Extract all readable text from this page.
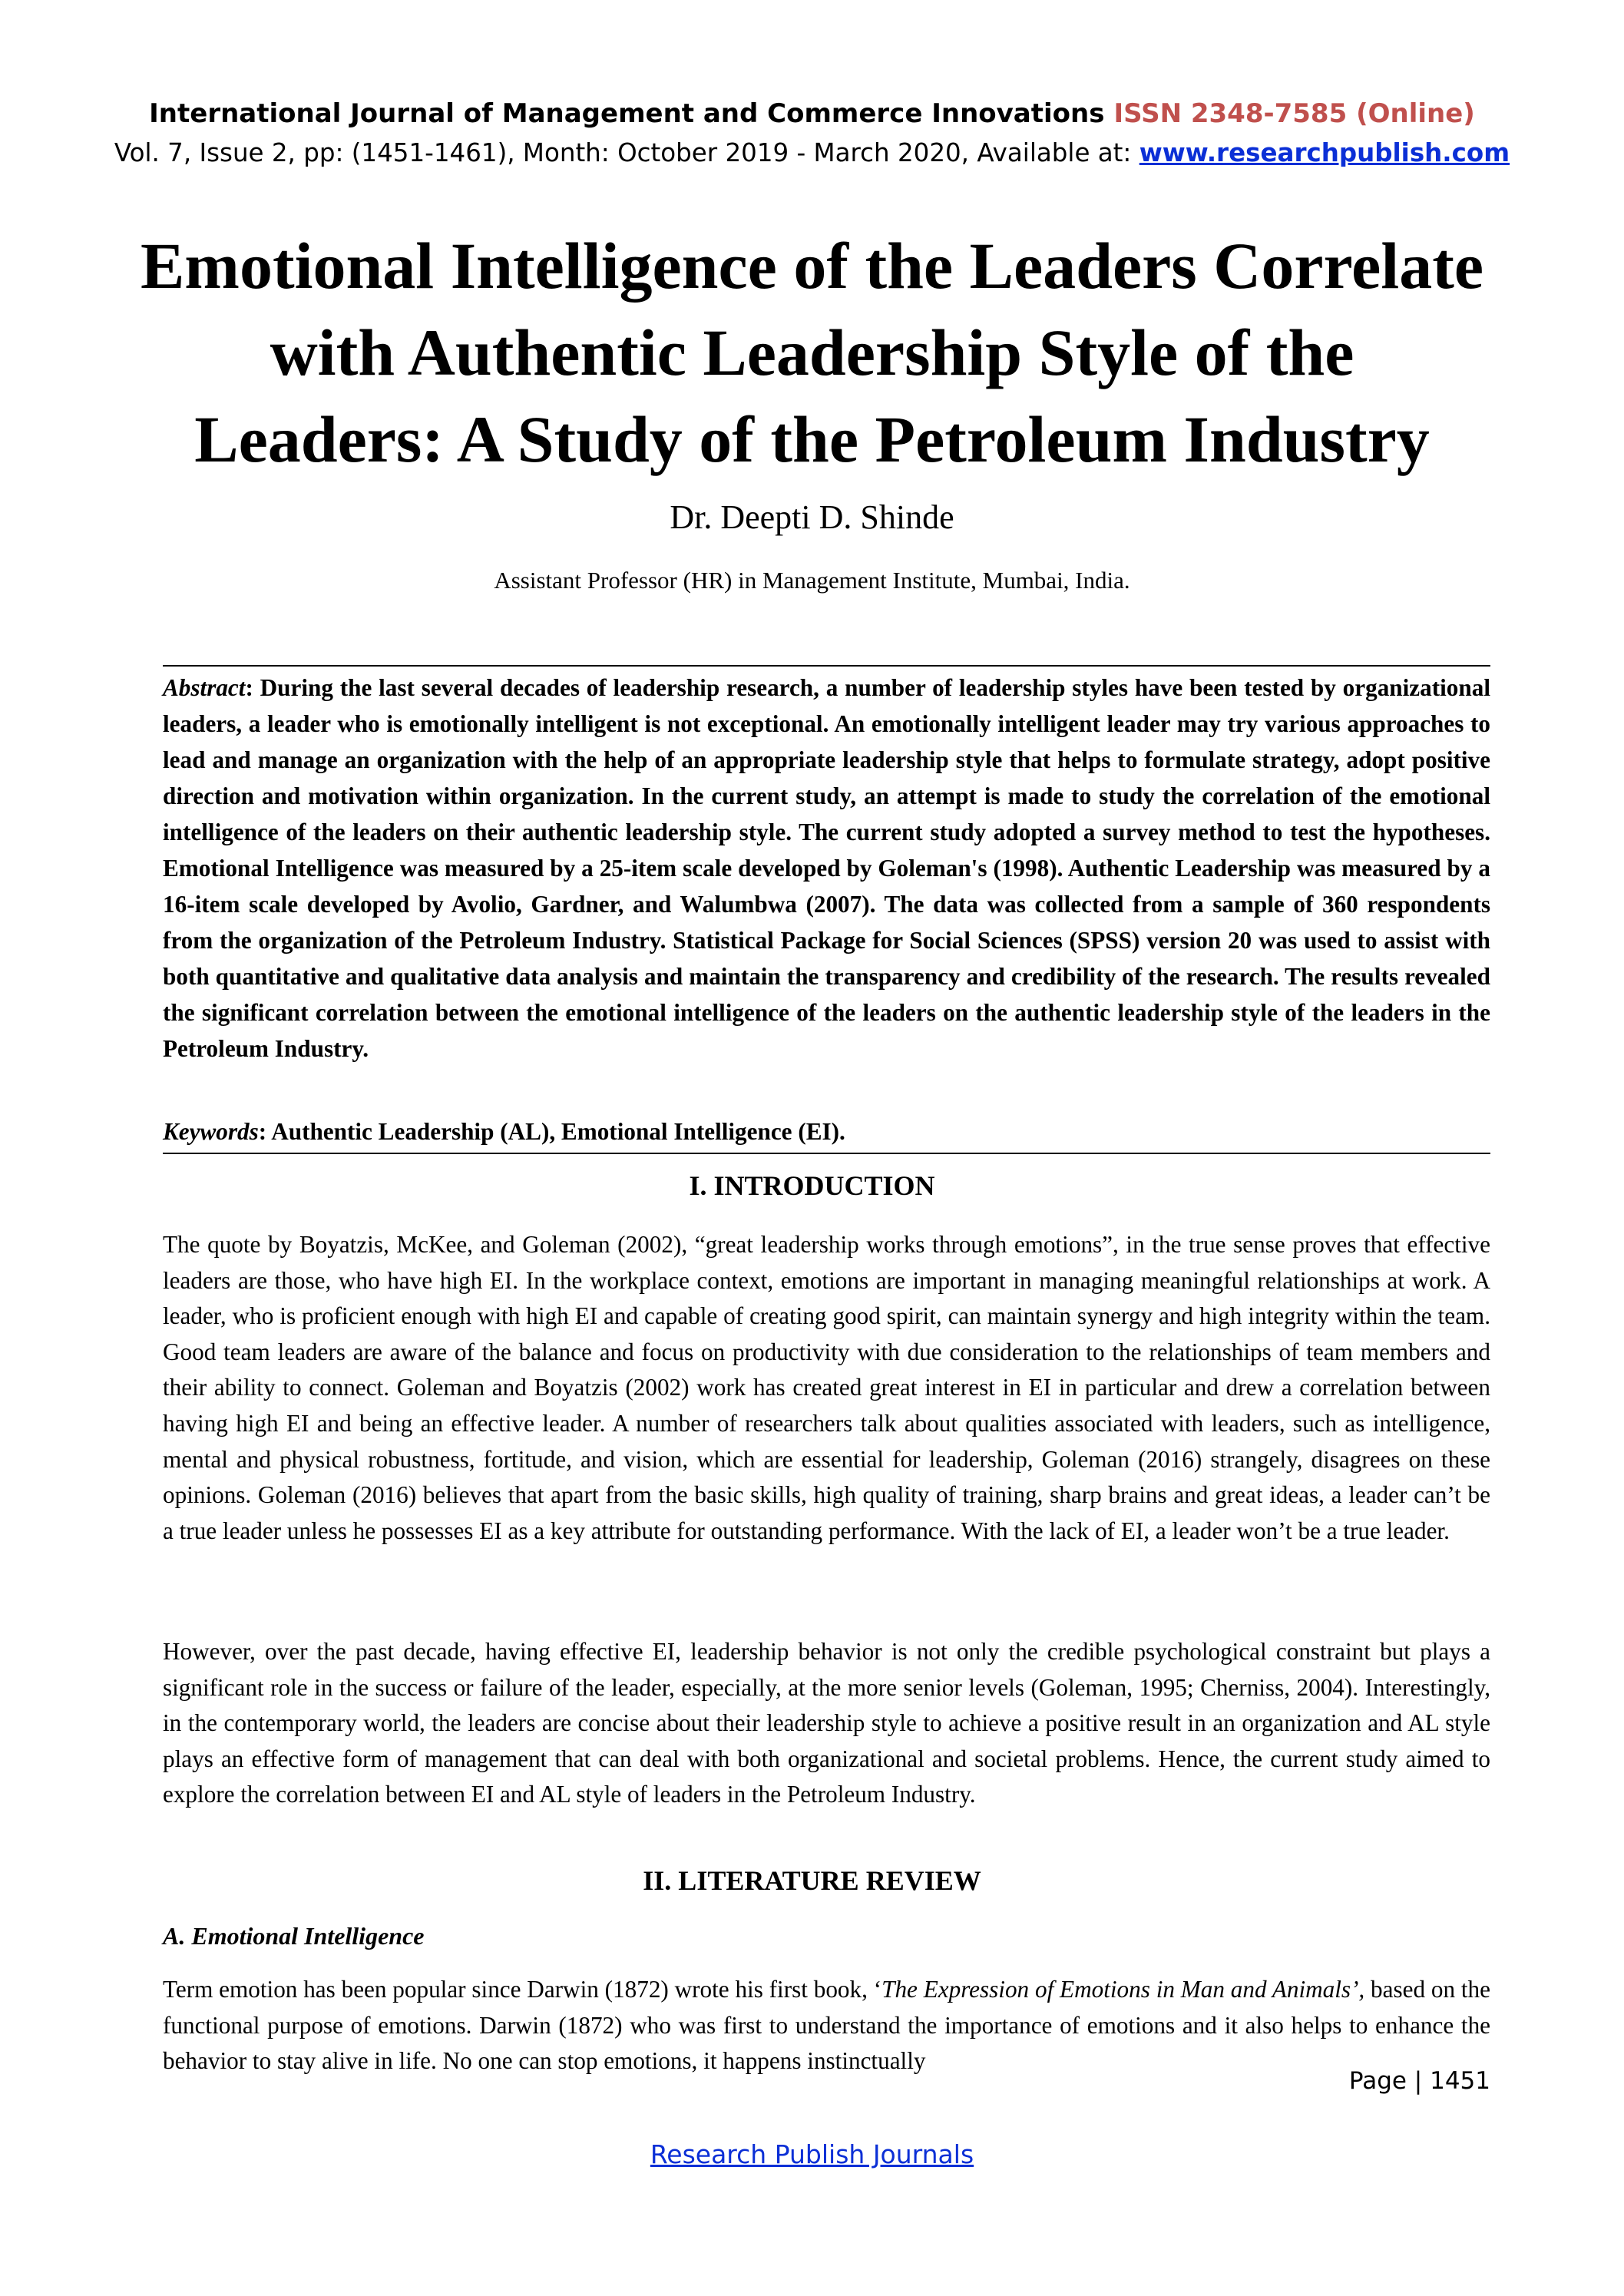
International Journal of Management and Commerce Innovations ISSN 2348-7585 (Online)
Vol. 7, Issue 2, pp: (1451-1461), Month: October 2019 - March 2020, Available at: www.researchpublish.com
Emotional Intelligence of the Leaders Correlate
with Authentic Leadership Style of the
Leaders: A Study of the Petroleum Industry
Dr. Deepti D. Shinde
Assistant Professor (HR) in Management Institute, Mumbai, India.
Abstract: During the last several decades of leadership research, a number of leadership styles have been tested by organizational leaders, a leader who is emotionally intelligent is not exceptional. An emotionally intelligent leader may try various approaches to lead and manage an organization with the help of an appropriate leadership style that helps to formulate strategy, adopt positive direction and motivation within organization. In the current study, an attempt is made to study the correlation of the emotional intelligence of the leaders on their authentic leadership style. The current study adopted a survey method to test the hypotheses. Emotional Intelligence was measured by a 25-item scale developed by Goleman's (1998). Authentic Leadership was measured by a 16-item scale developed by Avolio, Gardner, and Walumbwa (2007). The data was collected from a sample of 360 respondents from the organization of the Petroleum Industry. Statistical Package for Social Sciences (SPSS) version 20 was used to assist with both quantitative and qualitative data analysis and maintain the transparency and credibility of the research. The results revealed the significant correlation between the emotional intelligence of the leaders on the authentic leadership style of the leaders in the Petroleum Industry.
Keywords: Authentic Leadership (AL), Emotional Intelligence (EI).
I. INTRODUCTION
The quote by Boyatzis, McKee, and Goleman (2002), “great leadership works through emotions”, in the true sense proves that effective leaders are those, who have high EI. In the workplace context, emotions are important in managing meaningful relationships at work. A leader, who is proficient enough with high EI and capable of creating good spirit, can maintain synergy and high integrity within the team. Good team leaders are aware of the balance and focus on productivity with due consideration to the relationships of team members and their ability to connect. Goleman and Boyatzis (2002) work has created great interest in EI in particular and drew a correlation between having high EI and being an effective leader. A number of researchers talk about qualities associated with leaders, such as intelligence, mental and physical robustness, fortitude, and vision, which are essential for leadership, Goleman (2016) strangely, disagrees on these opinions. Goleman (2016) believes that apart from the basic skills, high quality of training, sharp brains and great ideas, a leader can’t be a true leader unless he possesses EI as a key attribute for outstanding performance. With the lack of EI, a leader won’t be a true leader.
However, over the past decade, having effective EI, leadership behavior is not only the credible psychological constraint but plays a significant role in the success or failure of the leader, especially, at the more senior levels (Goleman, 1995; Cherniss, 2004). Interestingly, in the contemporary world, the leaders are concise about their leadership style to achieve a positive result in an organization and AL style plays an effective form of management that can deal with both organizational and societal problems. Hence, the current study aimed to explore the correlation between EI and AL style of leaders in the Petroleum Industry.
II. LITERATURE REVIEW
A. Emotional Intelligence
Term emotion has been popular since Darwin (1872) wrote his first book, ‘The Expression of Emotions in Man and Animals’, based on the functional purpose of emotions. Darwin (1872) who was first to understand the importance of emotions and it also helps to enhance the behavior to stay alive in life. No one can stop emotions, it happens instinctually
Page | 1451
Research Publish Journals
